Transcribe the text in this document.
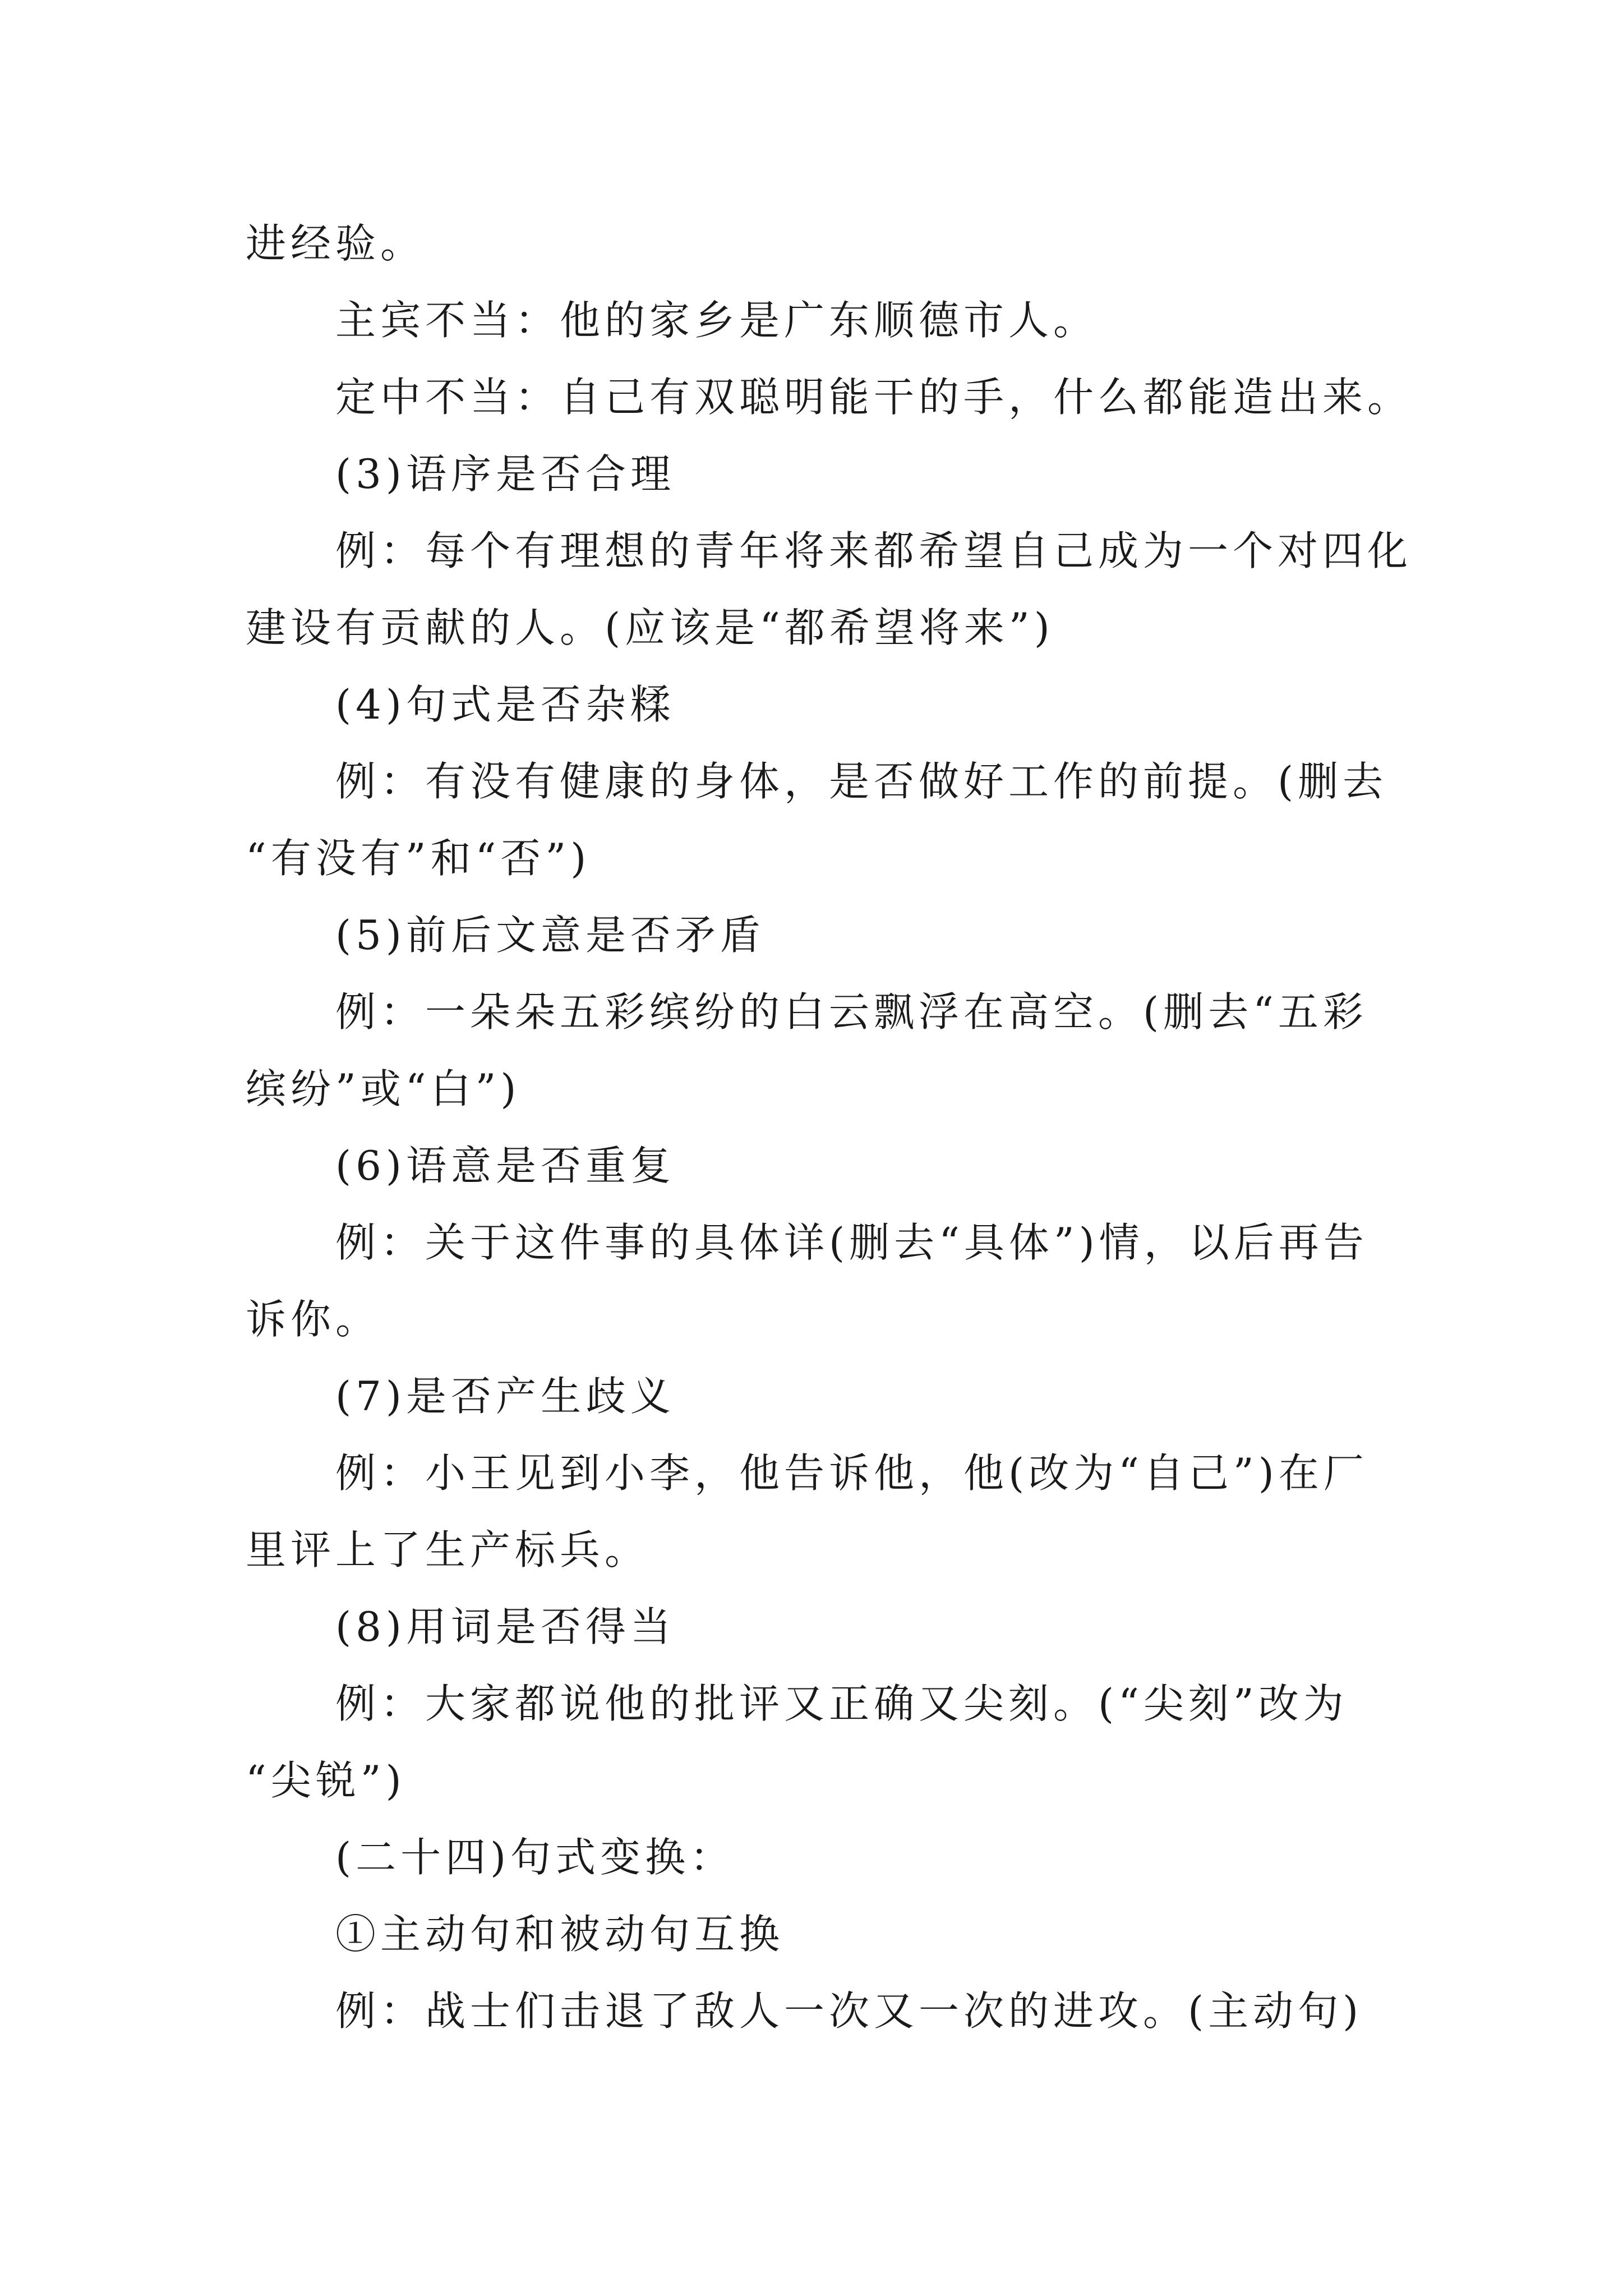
进经验。
主宾不当：他的家乡是广东顺德市人。
定中不当：自己有双聪明能干的手，什么都能造出来。
(3)语序是否合理
例：每个有理想的青年将来都希望自己成为一个对四化
建设有贡献的人。(应该是“都希望将来”)
(4)句式是否杂糅
例：有没有健康的身体，是否做好工作的前提。(删去
“有没有”和“否”)
(5)前后文意是否矛盾
例：一朵朵五彩缤纷的白云飘浮在高空。(删去“五彩
缤纷”或“白”)
(6)语意是否重复
例：关于这件事的具体详(删去“具体”)情，以后再告
诉你。
(7)是否产生歧义
例：小王见到小李，他告诉他，他(改为“自己”)在厂
里评上了生产标兵。
(8)用词是否得当
例：大家都说他的批评又正确又尖刻。(“尖刻”改为
“尖锐”)
(二十四)句式变换：
①主动句和被动句互换
例：战士们击退了敌人一次又一次的进攻。(主动句)
